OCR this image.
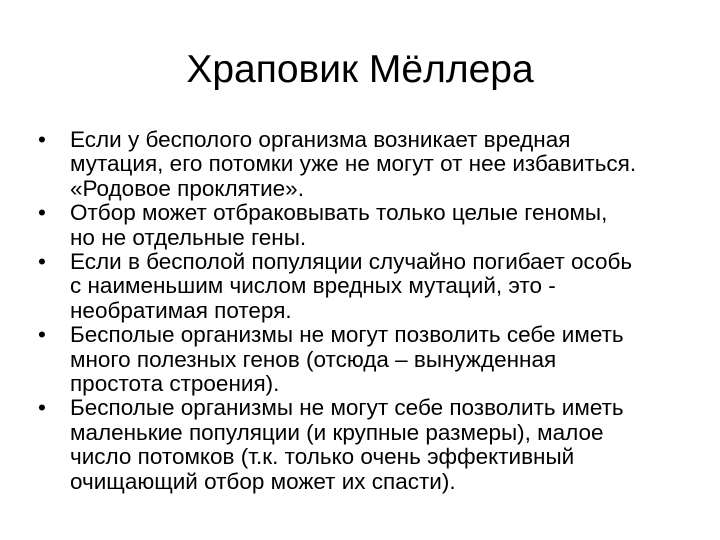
Храповик Мёллера
•	Если у бесполого организма возникает вредная
мутация, его потомки уже не могут от нее избавиться.
«Родовое проклятие».
•	Отбор может отбраковывать только целые геномы,
но не отдельные гены.
•	Если в бесполой популяции случайно погибает особь
с наименьшим числом вредных мутаций, это -
необратимая потеря.
•	Бесполые организмы не могут позволить себе иметь
много полезных генов (отсюда – вынужденная
простота строения).
•	Бесполые организмы не могут себе позволить иметь
маленькие популяции (и крупные размеры), малое
число потомков (т.к. только очень эффективный
очищающий отбор может их спасти).
